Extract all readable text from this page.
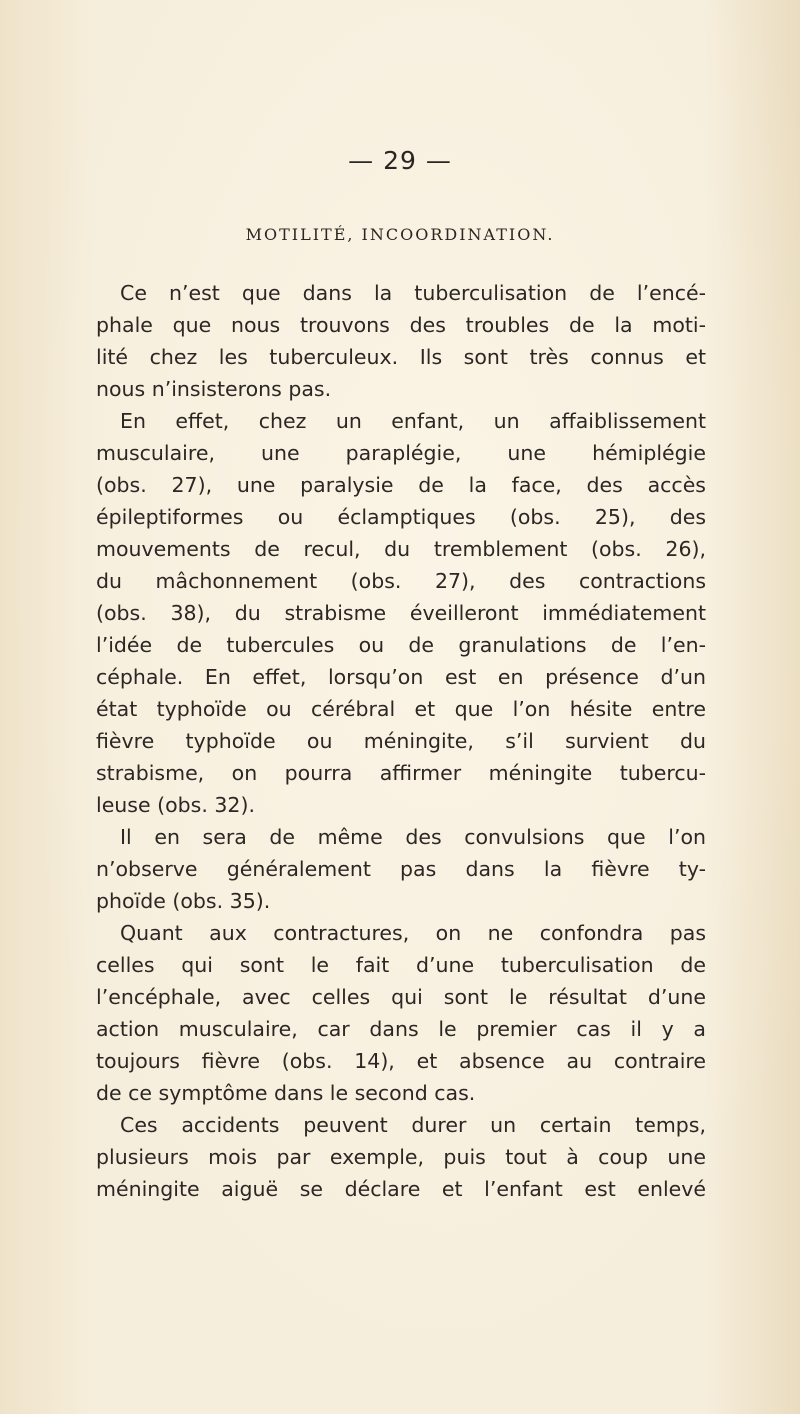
— 29 —
MOTILITÉ, INCOORDINATION.
Ce n’est que dans la tuberculisation de l’encé-
phale que nous trouvons des troubles de la moti-
lité chez les tuberculeux. Ils sont très connus et
nous n’insisterons pas.
En effet, chez un enfant, un affaiblissement
musculaire, une paraplégie, une hémiplégie
(obs. 27), une paralysie de la face, des accès
épileptiformes ou éclamptiques (obs. 25), des
mouvements de recul, du tremblement (obs. 26),
du mâchonnement (obs. 27), des contractions
(obs. 38), du strabisme éveilleront immédiatement
l’idée de tubercules ou de granulations de l’en-
céphale. En effet, lorsqu’on est en présence d’un
état typhoïde ou cérébral et que l’on hésite entre
fièvre typhoïde ou méningite, s’il survient du
strabisme, on pourra affirmer méningite tubercu-
leuse (obs. 32).
Il en sera de même des convulsions que l’on
n’observe généralement pas dans la fièvre ty-
phoïde (obs. 35).
Quant aux contractures, on ne confondra pas
celles qui sont le fait d’une tuberculisation de
l’encéphale, avec celles qui sont le résultat d’une
action musculaire, car dans le premier cas il y a
toujours fièvre (obs. 14), et absence au contraire
de ce symptôme dans le second cas.
Ces accidents peuvent durer un certain temps,
plusieurs mois par exemple, puis tout à coup une
méningite aiguë se déclare et l’enfant est enlevé
